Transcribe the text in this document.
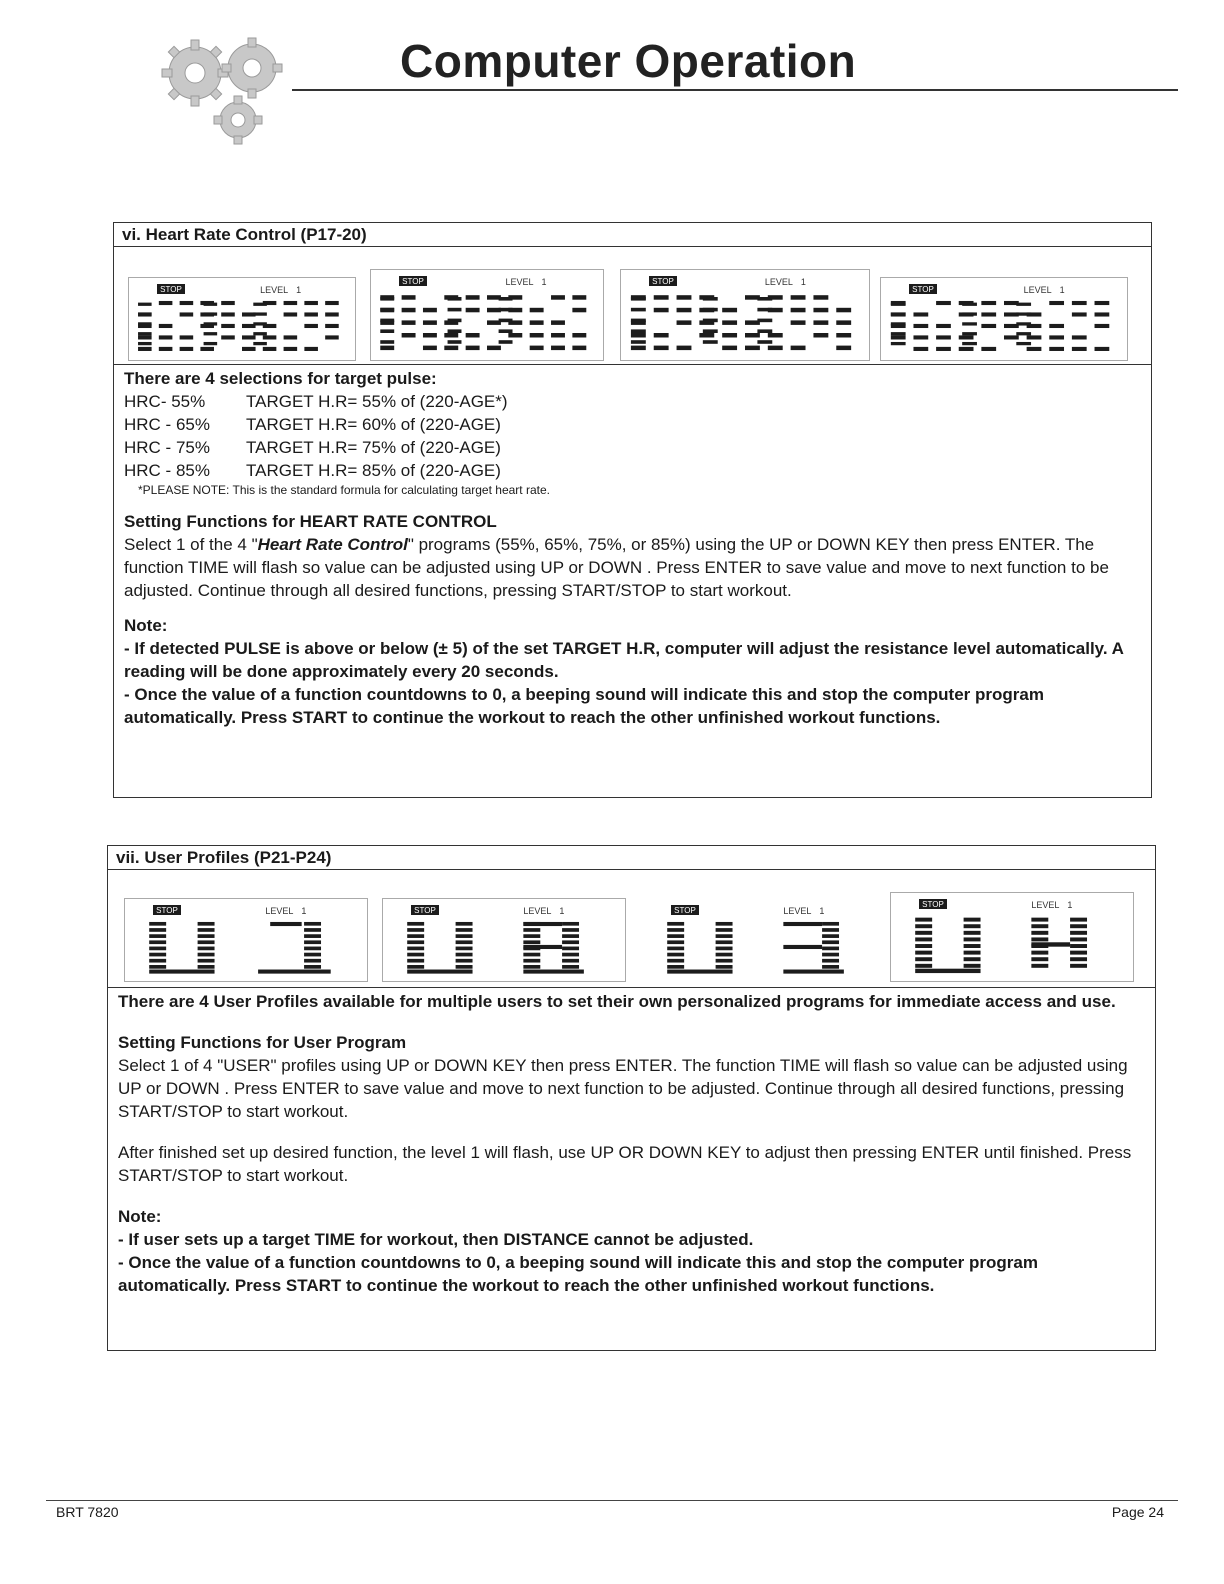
Computer Operation
vi. Heart Rate Control (P17-20)
STOP	LEVEL 1
STOP	LEVEL 1	STOP	LEVEL 1
STOP	LEVEL 1

There are 4 selections for target pulse:

HRC- 55%	TARGET H.R= 55% of (220-AGE*)
HRC - 65%	TARGET H.R= 60% of (220-AGE)
HRC - 75%	TARGET H.R= 75% of (220-AGE)
HRC - 85%	TARGET H.R= 85% of (220-AGE)

*PLEASE NOTE: This is the standard formula for calculating target heart rate.

Setting Functions for HEART RATE CONTROL

Select 1 of the 4 "Heart Rate Control" programs (55%, 65%, 75%, or 85%) using the UP or DOWN KEY then press ENTER. The function TIME will flash so value can be adjusted using UP or DOWN . Press ENTER to save value and move to next function to be adjusted. Continue through all desired functions, pressing START/STOP to start workout.

Note:

- If detected PULSE is above or below (± 5) of the set TARGET H.R, computer will adjust the resistance level automatically. A reading will be done approximately every 20 seconds.

- Once the value of a function countdowns to 0, a beeping sound will indicate this and stop the computer program automatically. Press START to continue the workout to reach the other unfinished workout functions.

vii. User Profiles (P21-P24)
STOP	LEVEL 1	STOP	LEVEL 1	STOP	LEVEL 1
STOP	LEVEL 1

There are 4 User Profiles available for multiple users to set their own personalized programs for immediate access and use.

Setting Functions for User Program

Select 1 of 4 "USER" profiles using UP or DOWN KEY then press ENTER. The function TIME will flash so value can be adjusted using UP or DOWN . Press ENTER to save value and move to next function to be adjusted. Continue through all desired functions, pressing START/STOP to start workout.

After finished set up desired function, the level 1 will flash, use UP OR DOWN KEY to adjust then pressing ENTER until finished. Press START/STOP to start workout.

Note:

- If user sets up a target TIME for workout, then DISTANCE cannot be adjusted.

- Once the value of a function countdowns to 0, a beeping sound will indicate this and stop the computer program automatically. Press START to continue the workout to reach the other unfinished workout functions.

BRT 7820	Page 24
